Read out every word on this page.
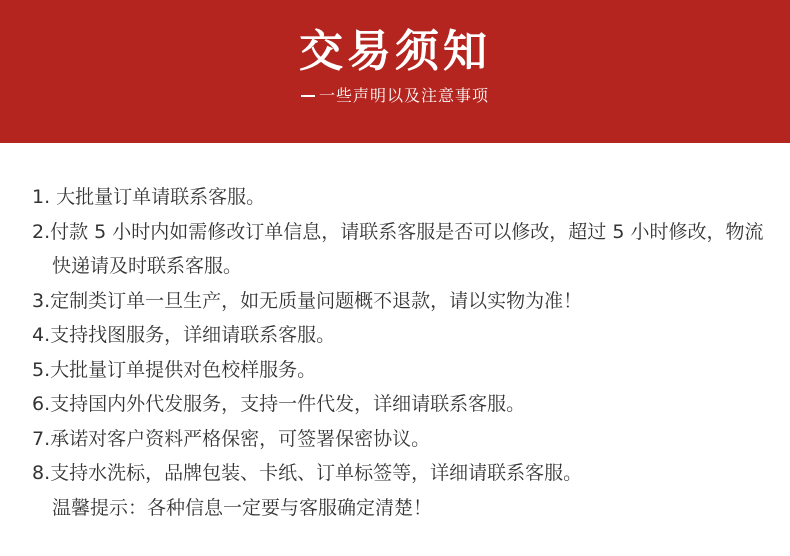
交易须知
一些声明以及注意事项

1. 大批量订单请联系客服。

2.付款 5 小时内如需修改订单信息，请联系客服是否可以修改，超过 5 小时修改，物流快递请及时联系客服。

3.定制类订单一旦生产，如无质量问题概不退款，请以实物为准！

4.支持找图服务，详细请联系客服。

5.大批量订单提供对色校样服务。

6.支持国内外代发服务，支持一件代发，详细请联系客服。

7.承诺对客户资料严格保密，可签署保密协议。

8.支持水洗标，品牌包装、卡纸、订单标签等，详细请联系客服。

温馨提示：各种信息一定要与客服确定清楚！
